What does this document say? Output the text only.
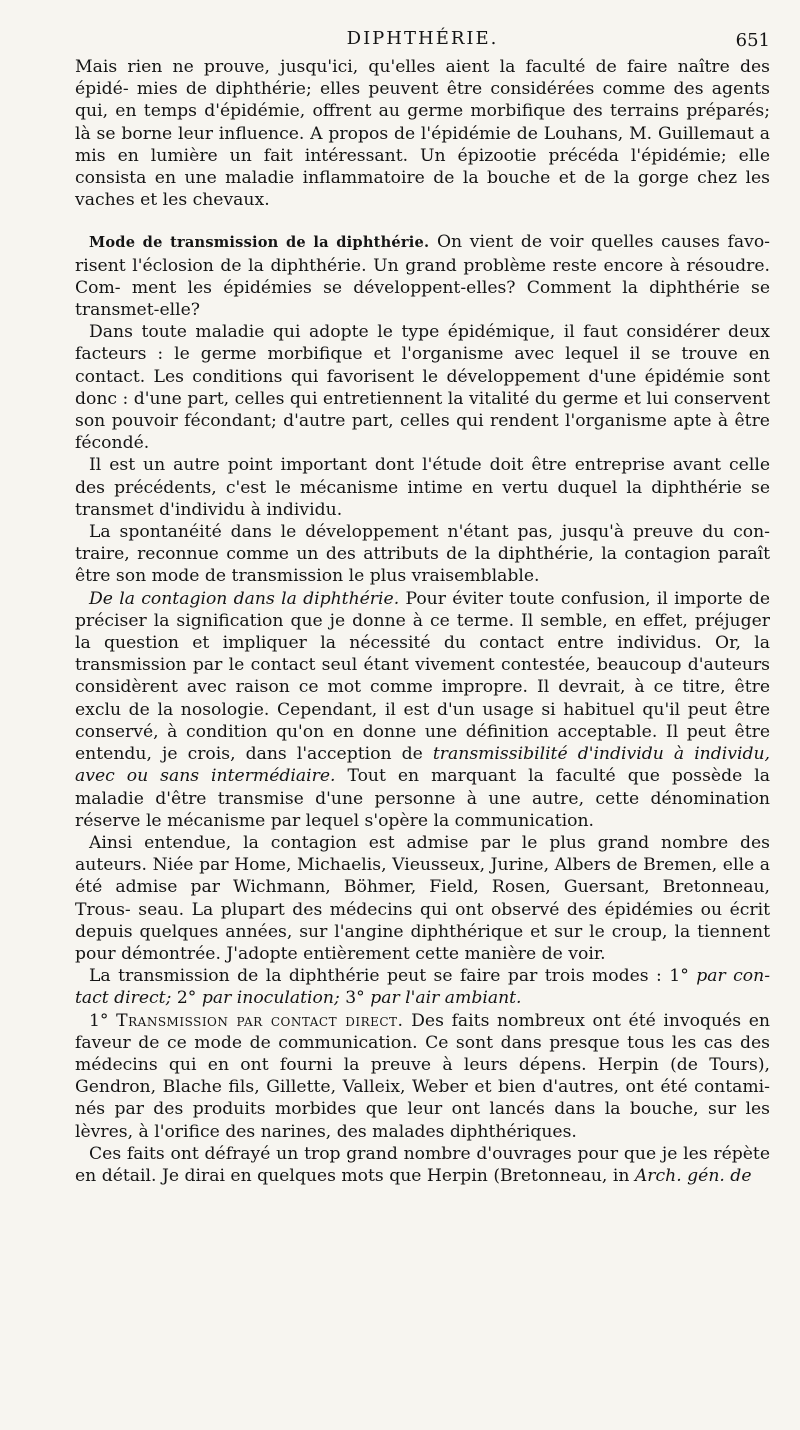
DIPHTHÉRIE.	651

Mais rien ne prouve, jusqu'ici, qu'elles aient la faculté de faire naître des épidé- mies de diphthérie; elles peuvent être considérées comme des agents qui, en temps d'épidémie, offrent au germe morbifique des terrains préparés; là se borne leur influence. A propos de l'épidémie de Louhans, M. Guillemaut a mis en lumière un fait intéressant. Un épizootie précéda l'épidémie; elle consista en une maladie inflammatoire de la bouche et de la gorge chez les vaches et les chevaux.

Mode de transmission de la diphthérie. On vient de voir quelles causes favo- risent l'éclosion de la diphthérie. Un grand problème reste encore à résoudre. Com- ment les épidémies se développent-elles? Comment la diphthérie se transmet-elle?

Dans toute maladie qui adopte le type épidémique, il faut considérer deux facteurs : le germe morbifique et l'organisme avec lequel il se trouve en contact. Les conditions qui favorisent le développement d'une épidémie sont donc : d'une part, celles qui entretiennent la vitalité du germe et lui conservent son pouvoir fécondant; d'autre part, celles qui rendent l'organisme apte à être fécondé.

Il est un autre point important dont l'étude doit être entreprise avant celle des précédents, c'est le mécanisme intime en vertu duquel la diphthérie se transmet d'individu à individu.

La spontanéité dans le développement n'étant pas, jusqu'à preuve du con- traire, reconnue comme un des attributs de la diphthérie, la contagion paraît être son mode de transmission le plus vraisemblable.

De la contagion dans la diphthérie. Pour éviter toute confusion, il importe de préciser la signification que je donne à ce terme. Il semble, en effet, préjuger la question et impliquer la nécessité du contact entre individus. Or, la transmission par le contact seul étant vivement contestée, beaucoup d'auteurs considèrent avec raison ce mot comme impropre. Il devrait, à ce titre, être exclu de la nosologie. Cependant, il est d'un usage si habituel qu'il peut être conservé, à condition qu'on en donne une définition acceptable. Il peut être entendu, je crois, dans l'acception de transmissibilité d'individu à individu, avec ou sans intermédiaire. Tout en marquant la faculté que possède la maladie d'être transmise d'une personne à une autre, cette dénomination réserve le mécanisme par lequel s'opère la communication.

Ainsi entendue, la contagion est admise par le plus grand nombre des auteurs. Niée par Home, Michaelis, Vieusseux, Jurine, Albers de Bremen, elle a été admise par Wichmann, Böhmer, Field, Rosen, Guersant, Bretonneau, Trous- seau. La plupart des médecins qui ont observé des épidémies ou écrit depuis quelques années, sur l'angine diphthérique et sur le croup, la tiennent pour démontrée. J'adopte entièrement cette manière de voir.

La transmission de la diphthérie peut se faire par trois modes : 1° par con- tact direct; 2° par inoculation; 3° par l'air ambiant.

1° Transmission par contact direct. Des faits nombreux ont été invoqués en faveur de ce mode de communication. Ce sont dans presque tous les cas des médecins qui en ont fourni la preuve à leurs dépens. Herpin (de Tours), Gendron, Blache fils, Gillette, Valleix, Weber et bien d'autres, ont été contami- nés par des produits morbides que leur ont lancés dans la bouche, sur les lèvres, à l'orifice des narines, des malades diphthériques.

Ces faits ont défrayé un trop grand nombre d'ouvrages pour que je les répète en détail. Je dirai en quelques mots que Herpin (Bretonneau, in Arch. gén. de
